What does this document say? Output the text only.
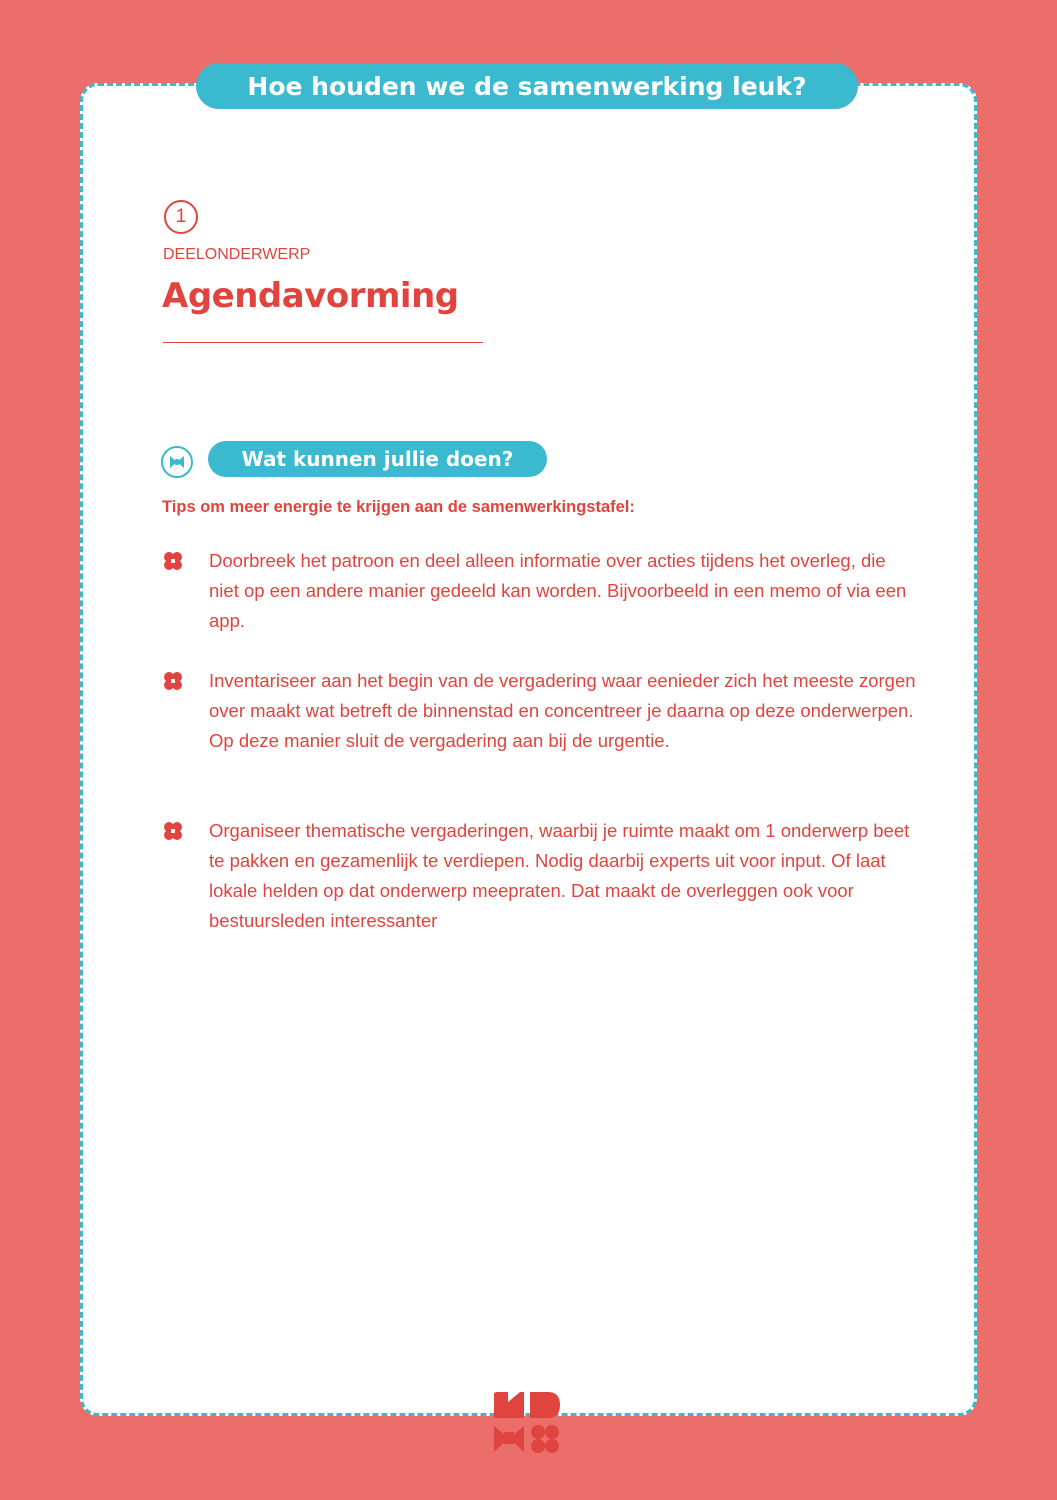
Hoe houden we de samenwerking leuk?
1
DEELONDERWERP
Agendavorming
Wat kunnen jullie doen?
Tips om meer energie te krijgen aan de samenwerkingstafel:
Doorbreek het patroon en deel alleen informatie over acties tijdens het overleg, die niet op een andere manier gedeeld kan worden. Bijvoorbeeld in een memo of via een app.
Inventariseer aan het begin van de vergadering waar eenieder zich het meeste zorgen over maakt wat betreft de binnenstad en concentreer je daarna op deze onderwerpen. Op deze manier sluit de vergadering aan bij de urgentie.
Organiseer thematische vergaderingen, waarbij je ruimte maakt om 1 onderwerp beet te pakken en gezamenlijk te verdiepen. Nodig daarbij experts uit voor input. Of laat lokale helden op dat onderwerp meepraten. Dat maakt de overleggen ook voor bestuursleden interessanter
